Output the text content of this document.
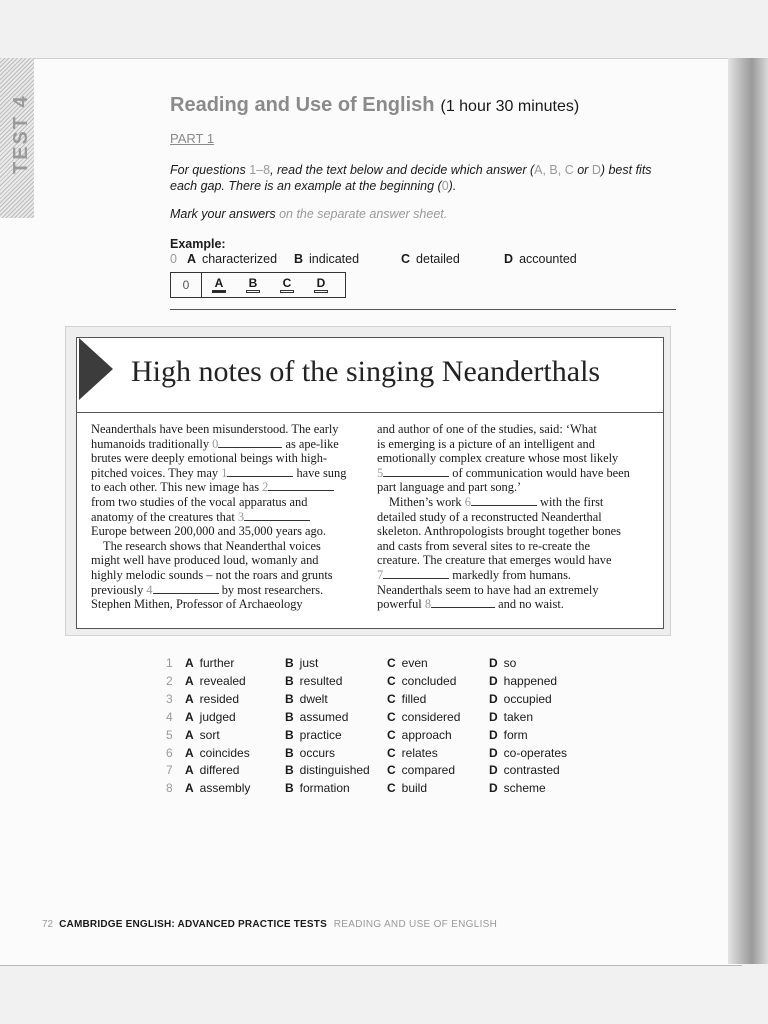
TEST 4	Reading and Use of English (1 hour 30 minutes)
PART 1
For questions 1–8, read the text below and decide which answer (A, B, C or D) best fits each gap. There is an example at the beginning (0).
Mark your answers on the separate answer sheet.
Example:
0 A characterized B indicated	C detailed	D accounted
0	A	B	C	D
High notes of the singing Neanderthals

Neanderthals have been misunderstood. The early

humanoids traditionally 0	as ape-like

brutes were deeply emotional beings with high-

pitched voices. They may 1	have sung

to each other. This new image has 2

from two studies of the vocal apparatus and

anatomy of the creatures that 3

Europe between 200,000 and 35,000 years ago.

The research shows that Neanderthal voices

might well have produced loud, womanly and

highly melodic sounds – not the roars and grunts

previously 4	by most researchers.

Stephen Mithen, Professor of Archaeology

and author of one of the studies, said: ‘What

is emerging is a picture of an intelligent and

emotionally complex creature whose most likely

5	of communication would have been

part language and part song.’

Mithen’s work 6	with the first

detailed study of a reconstructed Neanderthal

skeleton. Anthropologists brought together bones

and casts from several sites to re-create the

creature. The creature that emerges would have

7	markedly from humans.

Neanderthals seem to have had an extremely

powerful 8	and no waist.

1 A further	B just	C even	D so
2 A revealed	B resulted	C concluded	D happened
3 A resided	B dwelt	C filled	D occupied
4 A judged	B assumed	C considered D taken
5 A sort	B practice	C approach	D form
6 A coincides	B occurs	C relates	D co-operates
7 A differed	B distinguished C compared	D contrasted
8 A assembly	B formation	C build	D scheme
72 CAMBRIDGE ENGLISH: ADVANCED PRACTICE TESTS READING AND USE OF ENGLISH
